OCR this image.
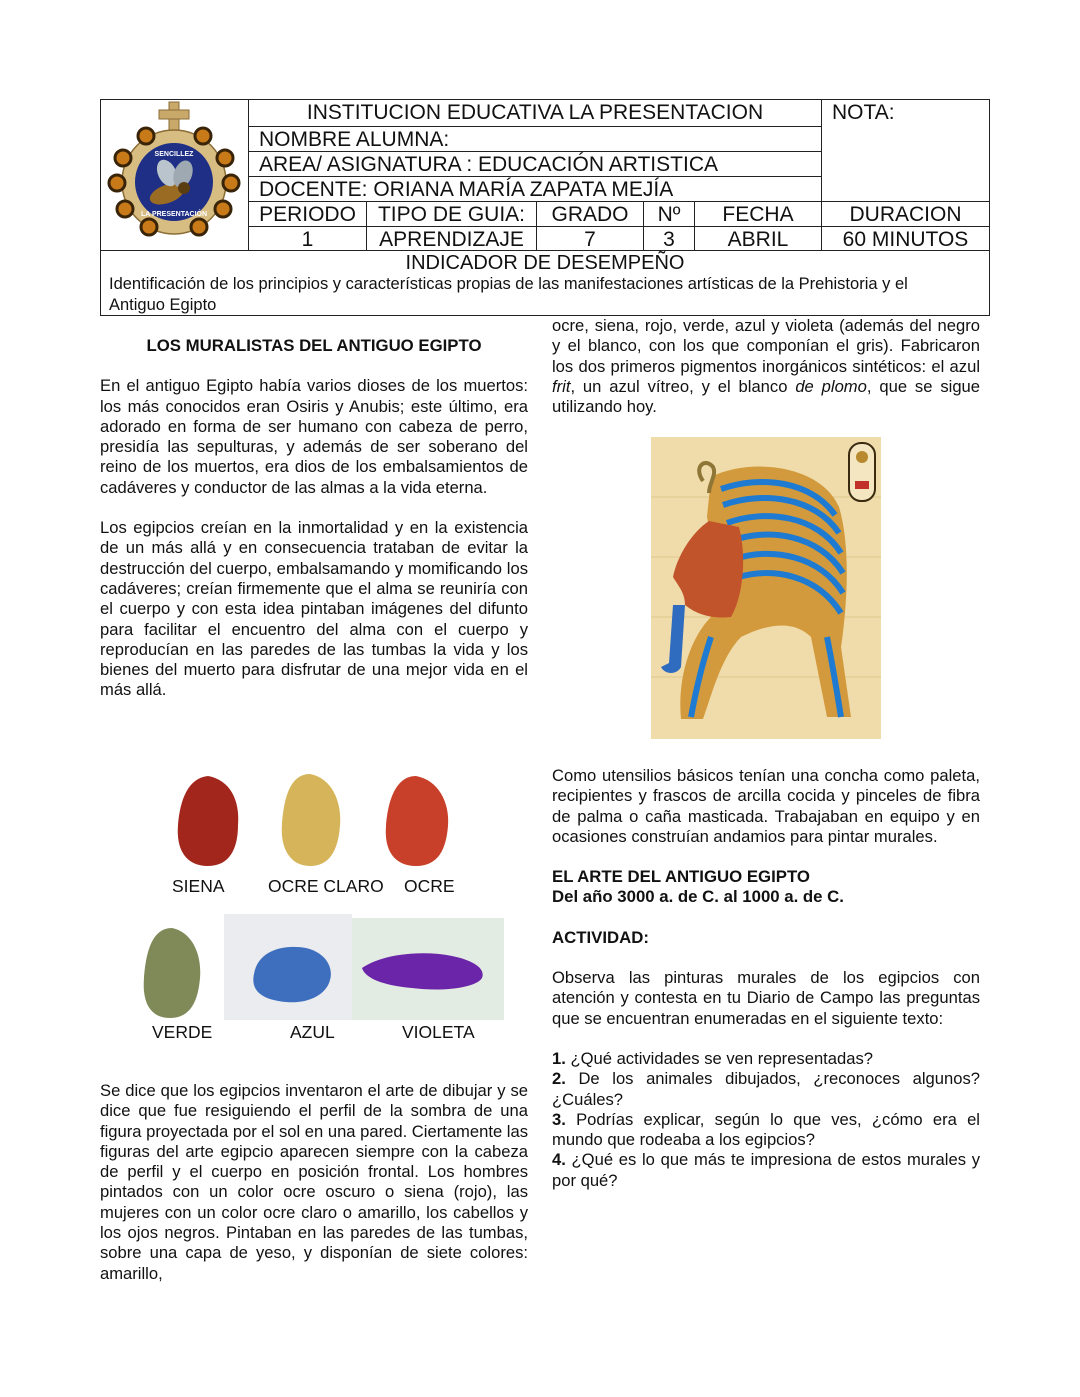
SENCILLEZ
LA PRESENTACIÓN
INSTITUCION EDUCATIVA LA PRESENTACION	NOTA:
NOMBRE ALUMNA:
AREA/ ASIGNATURA : EDUCACIÓN ARTISTICA
DOCENTE: ORIANA MARÍA ZAPATA MEJÍA
PERIODO	TIPO DE GUIA:	GRADO	Nº	FECHA	DURACION
1	APRENDIZAJE	7	3	ABRIL	60 MINUTOS
INDICADOR DE DESEMPEÑO
Identificación de los principios y características propias de las manifestaciones artísticas de la Prehistoria y el
Antiguo Egipto

LOS MURALISTAS DEL ANTIGUO EGIPTO

En el antiguo Egipto había varios dioses de los muertos: los más conocidos eran Osiris y Anubis; este último, era adorado en forma de ser humano con cabeza de perro, presidía las sepulturas, y además de ser soberano del reino de los muertos, era dios de los embalsamientos de cadáveres y conductor de las almas a la vida eterna.

Los egipcios creían en la inmortalidad y en la existencia de un más allá y en consecuencia trataban de evitar la destrucción del cuerpo, embalsamando y momificando los cadáveres; creían firmemente que el alma se reuniría con el cuerpo y con esta idea pintaban imágenes del difunto para facilitar el encuentro del alma con el cuerpo y reproducían en las paredes de las tumbas la vida y los bienes del muerto para disfrutar de una mejor vida en el más allá.

SIENA OCRE CLARO OCRE
VERDE	AZUL	VIOLETA

Se dice que los egipcios inventaron el arte de dibujar y se dice que fue resiguiendo el perfil de la sombra de una figura proyectada por el sol en una pared. Ciertamente las figuras del arte egipcio aparecen siempre con la cabeza de perfil y el cuerpo en posición frontal. Los hombres pintados con un color ocre oscuro o siena (rojo), las mujeres con un color ocre claro o amarillo, los cabellos y los ojos negros. Pintaban en las paredes de las tumbas, sobre una capa de yeso, y disponían de siete colores: amarillo,

ocre, siena, rojo, verde, azul y violeta (además del negro y el blanco, con los que componían el gris). Fabricaron los dos primeros pigmentos inorgánicos sintéticos: el azul frit, un azul vítreo, y el blanco de plomo, que se sigue utilizando hoy.

Como utensilios básicos tenían una concha como paleta, recipientes y frascos de arcilla cocida y pinceles de fibra de palma o caña masticada. Trabajaban en equipo y en ocasiones construían andamios para pintar murales.

EL ARTE DEL ANTIGUO EGIPTO

Del año 3000 a. de C. al 1000 a. de C.

ACTIVIDAD:

Observa las pinturas murales de los egipcios con atención y contesta en tu Diario de Campo las preguntas que se encuentran enumeradas en el siguiente texto:

1. ¿Qué actividades se ven representadas?

2. De los animales dibujados, ¿reconoces algunos? ¿Cuáles?

3. Podrías explicar, según lo que ves, ¿cómo era el mundo que rodeaba a los egipcios?

4. ¿Qué es lo que más te impresiona de estos murales y por qué?
